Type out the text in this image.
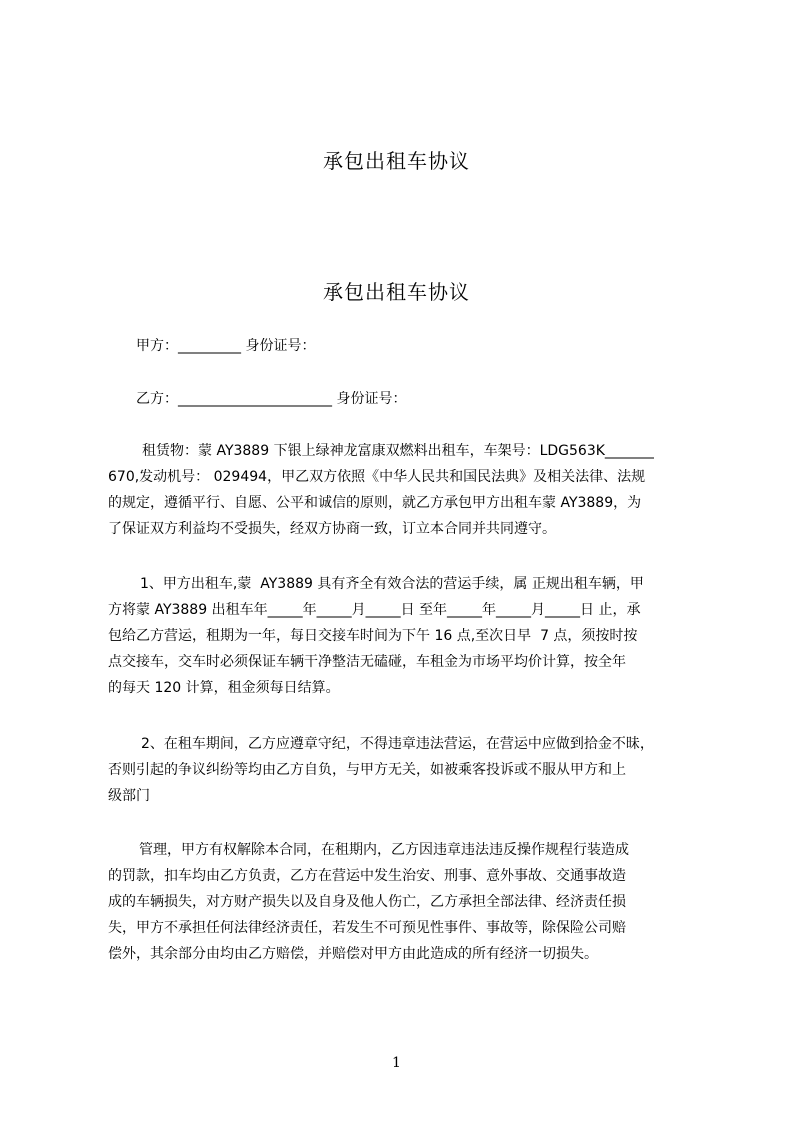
承包出租车协议
承包出租车协议
甲方：_________ 身份证号：
乙方：______________________ 身份证号：
租赁物：蒙 AY3889 下银上绿神龙富康双燃料出租车，车架号：LDG563K_______
670,发动机号： 029494，甲乙双方依照《中华人民共和国民法典》及相关法律、法规
的规定，遵循平行、自愿、公平和诚信的原则，就乙方承包甲方出租车蒙 AY3889，为
了保证双方利益均不受损失，经双方协商一致，订立本合同并共同遵守。
1、甲方出租车,蒙  AY3889 具有齐全有效合法的营运手续，属 正规出租车辆，甲
方将蒙 AY3889 出租车年_____年_____月_____日 至年_____年_____月_____日 止，承
包给乙方营运，租期为一年，每日交接车时间为下午 16 点,至次日早  7 点，须按时按
点交接车，交车时必须保证车辆干净整洁无磕碰，车租金为市场平均价计算，按全年
的每天 120 计算，租金须每日结算。
2、在租车期间，乙方应遵章守纪，不得违章违法营运，在营运中应做到拾金不昧，
否则引起的争议纠纷等均由乙方自负，与甲方无关，如被乘客投诉或不服从甲方和上
级部门
管理，甲方有权解除本合同，在租期内，乙方因违章违法违反操作规程行装造成
的罚款，扣车均由乙方负责，乙方在营运中发生治安、刑事、意外事故、交通事故造
成的车辆损失，对方财产损失以及自身及他人伤亡，乙方承担全部法律、经济责任损
失，甲方不承担任何法律经济责任，若发生不可预见性事件、事故等，除保险公司赔
偿外，其余部分由均由乙方赔偿，并赔偿对甲方由此造成的所有经济一切损失。
1
